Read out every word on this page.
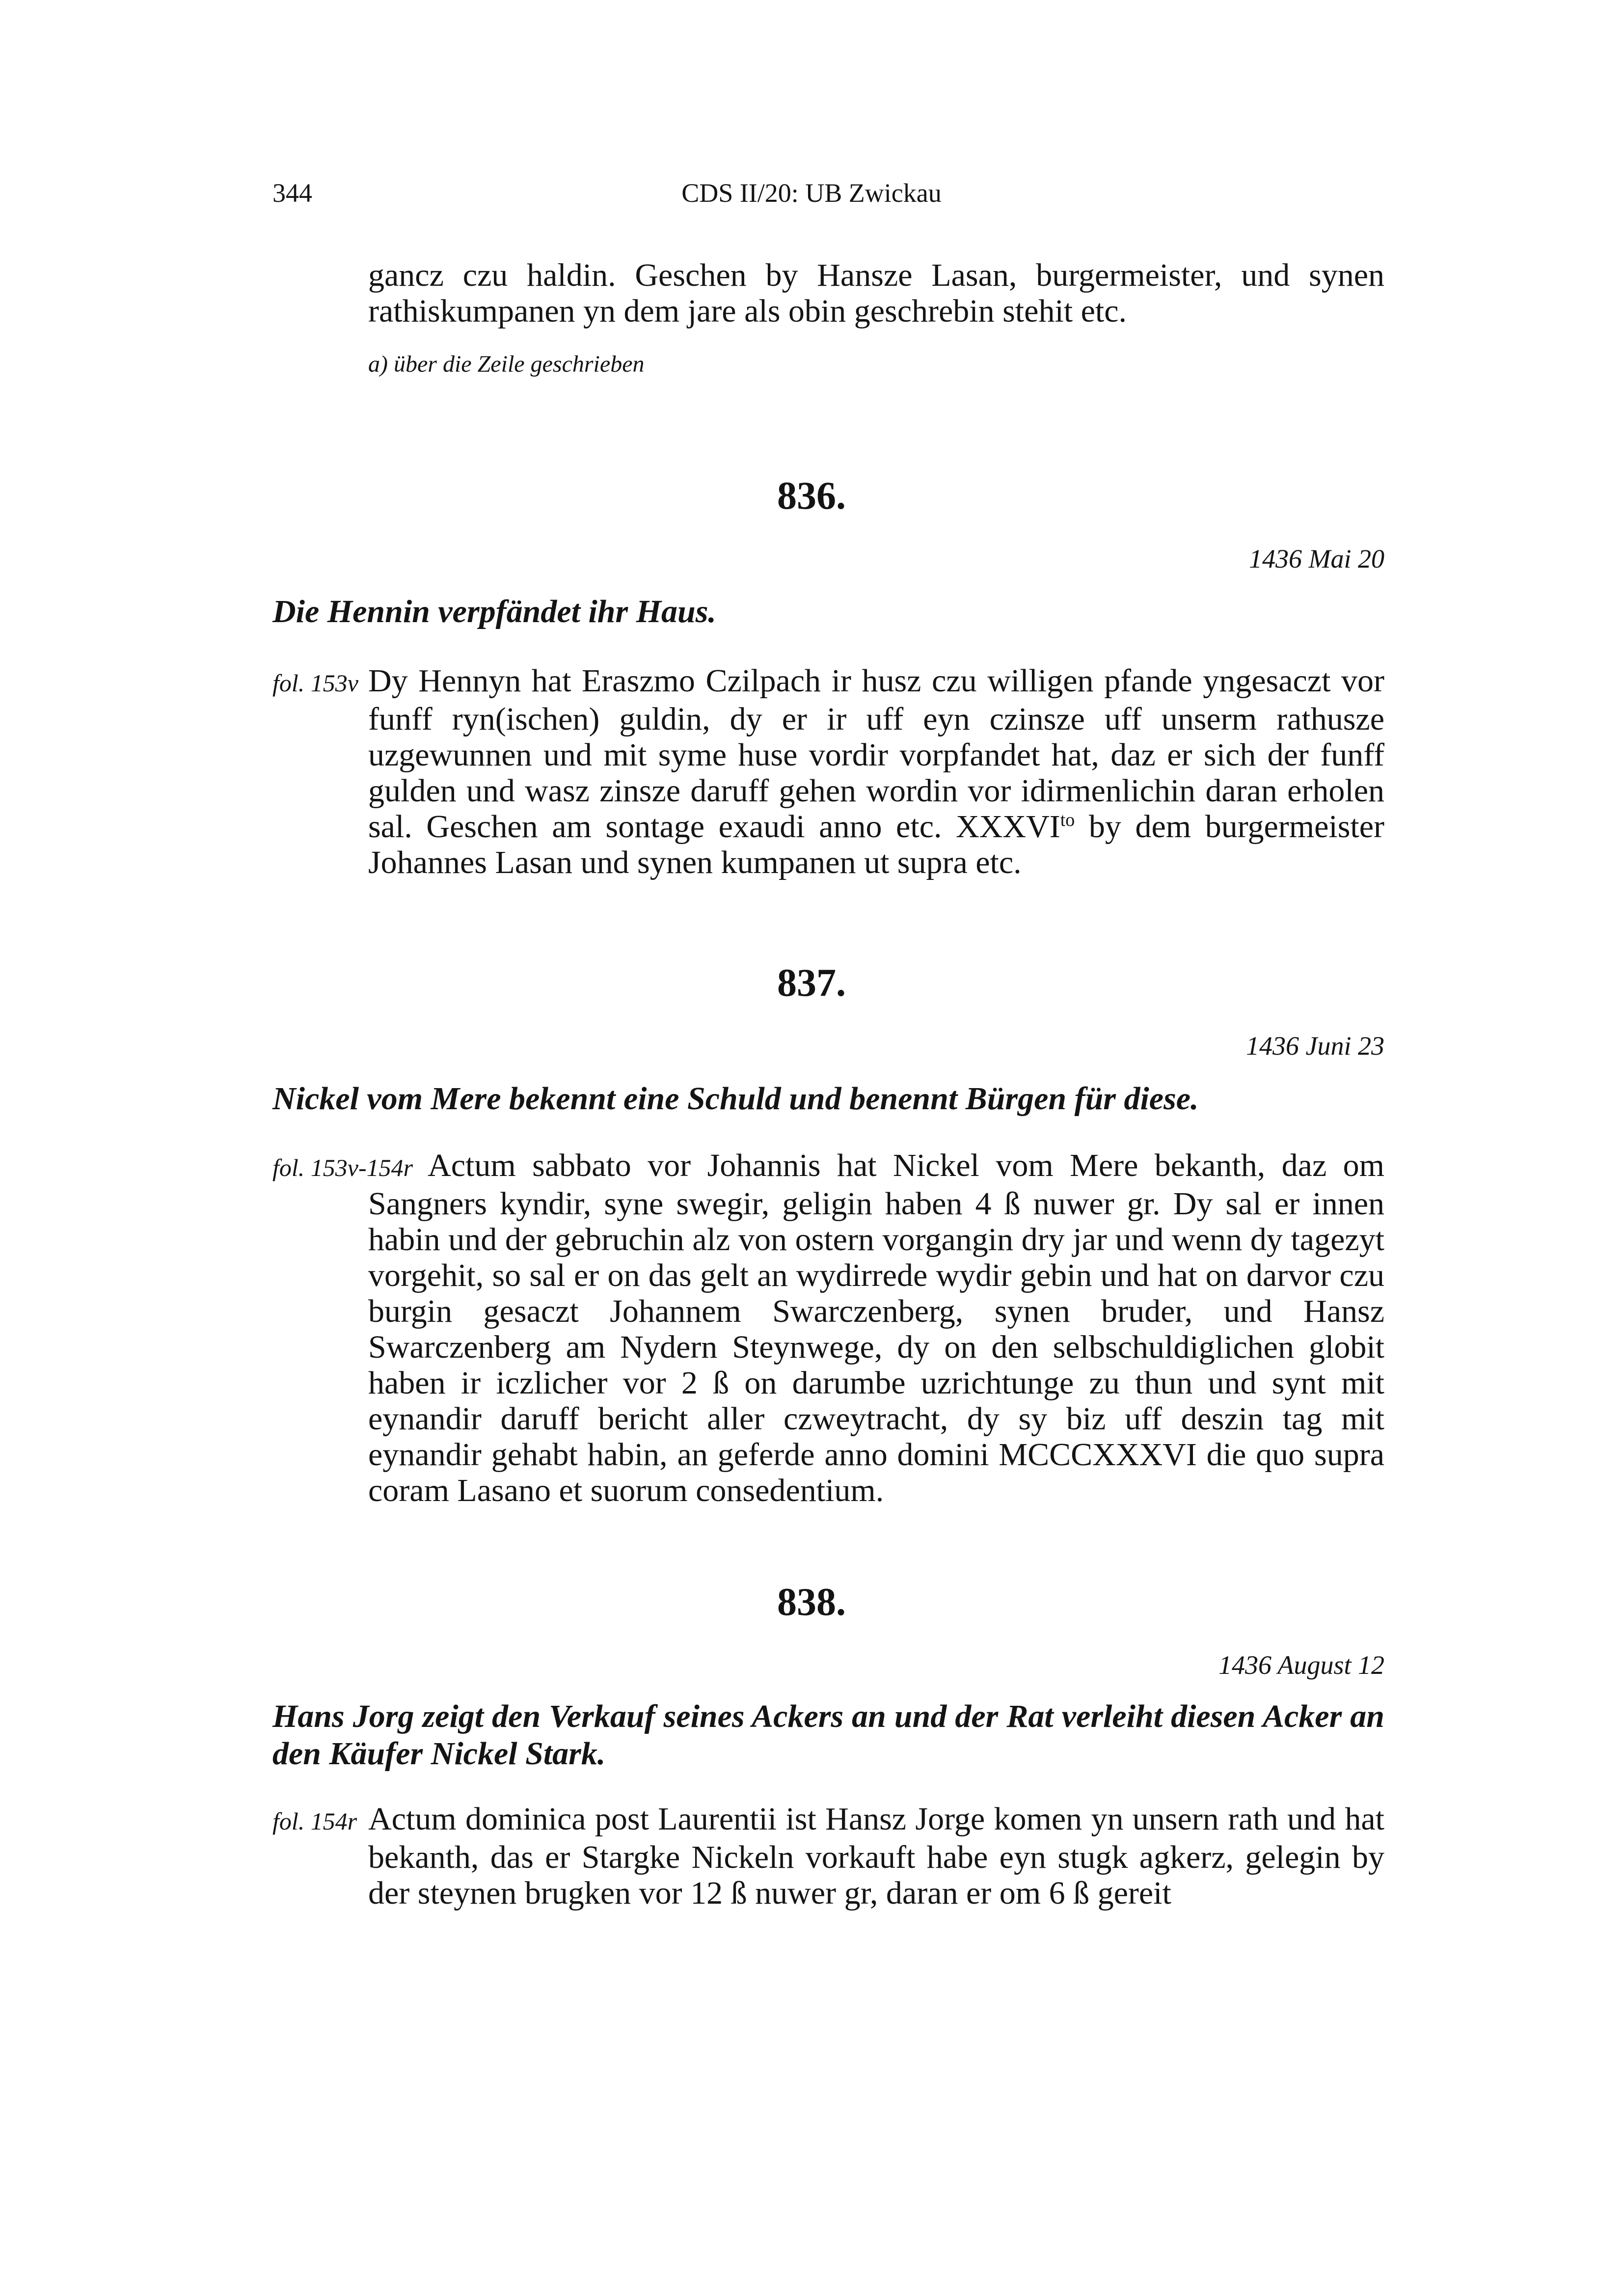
344	CDS II/20: UB Zwickau

gancz czu haldin. Geschen by Hansze Lasan, burgermeister, und synen rathiskumpanen yn dem jare als obin geschrebin stehit etc.

a) über die Zeile geschrieben
836.
1436 Mai 20

Die Hennin verpfändet ihr Haus.

fol. 153v Dy Hennyn hat Eraszmo Czilpach ir husz czu willigen pfande yngesaczt vor funff ryn(ischen) guldin, dy er ir uff eyn czinsze uff unserm rathusze uzgewunnen und mit syme huse vordir vorpfandet hat, daz er sich der funff gulden und wasz zinsze daruff gehen wordin vor idirmenlichin daran erholen sal. Geschen am sontage exaudi anno etc. $XXXVI^{to}$ by dem burgermeister Johannes Lasan und synen kumpanen ut supra etc.

837.
1436 Juni 23

Nickel vom Mere bekennt eine Schuld und benennt Bürgen für diese.

fol. 153v-154r Actum sabbato vor Johannis hat Nickel vom Mere bekanth, daz om Sangners kyndir, syne swegir, geligin haben 4 ß nuwer gr. Dy sal er innen habin und der gebruchin alz von ostern vorgangin dry jar und wenn dy tagezyt vorgehit, so sal er on das gelt an wydirrede wydir gebin und hat on darvor czu burgin gesaczt Johannem Swarczenberg, synen bruder, und Hansz Swarczenberg am Nydern Steynwege, dy on den selbschuldiglichen globit haben ir iczlicher vor 2 ß on darumbe uzrichtunge zu thun und synt mit eynandir daruff bericht aller czweytracht, dy sy biz uff deszin tag mit eynandir gehabt habin, an geferde anno domini MCCCXXXVI die quo supra coram Lasano et suorum consedentium.

838.
1436 August 12

Hans Jorg zeigt den Verkauf seines Ackers an und der Rat verleiht diesen Acker an den Käufer Nickel Stark.

fol. 154r Actum dominica post Laurentii ist Hansz Jorge komen yn unsern rath und hat bekanth, das er Stargke Nickeln vorkauft habe eyn stugk agkerz, gelegin by der steynen brugken vor 12 ß nuwer gr, daran er om 6 ß gereit
